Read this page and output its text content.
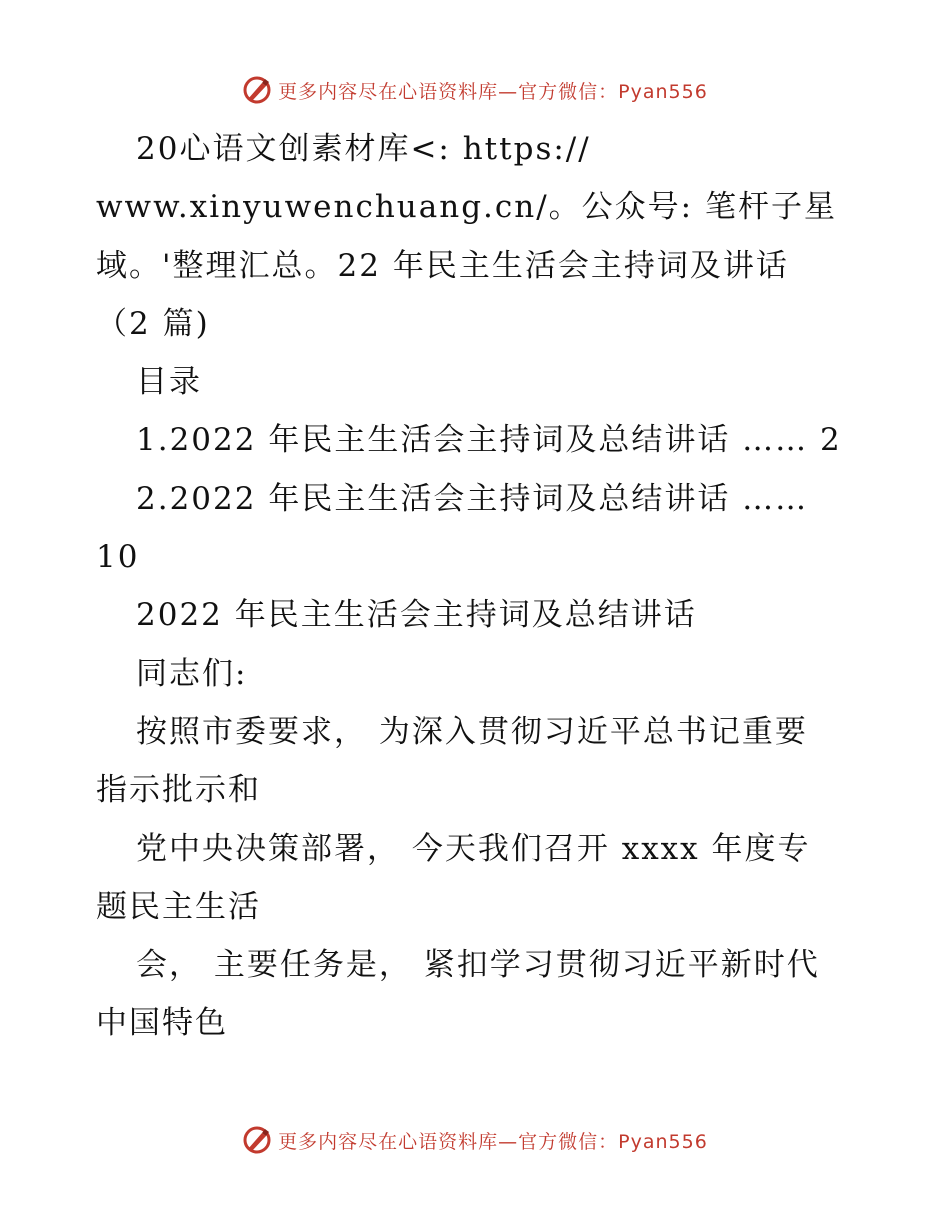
更多内容尽在心语资料库—官方微信：Pyan556
20心语文创素材库<: https://
www.xinyuwenchuang.cn/。公众号: 笔杆子星
域。'整理汇总。22 年民主生活会主持词及讲话
（2 篇)
目录
1.2022 年民主生活会主持词及总结讲话 …… 2
2.2022 年民主生活会主持词及总结讲话 ……
10
2022 年民主生活会主持词及总结讲话
同志们:
按照市委要求， 为深入贯彻习近平总书记重要
指示批示和
党中央决策部署， 今天我们召开 xxxx 年度专
题民主生活
会， 主要任务是， 紧扣学习贯彻习近平新时代
中国特色
更多内容尽在心语资料库—官方微信：Pyan556
